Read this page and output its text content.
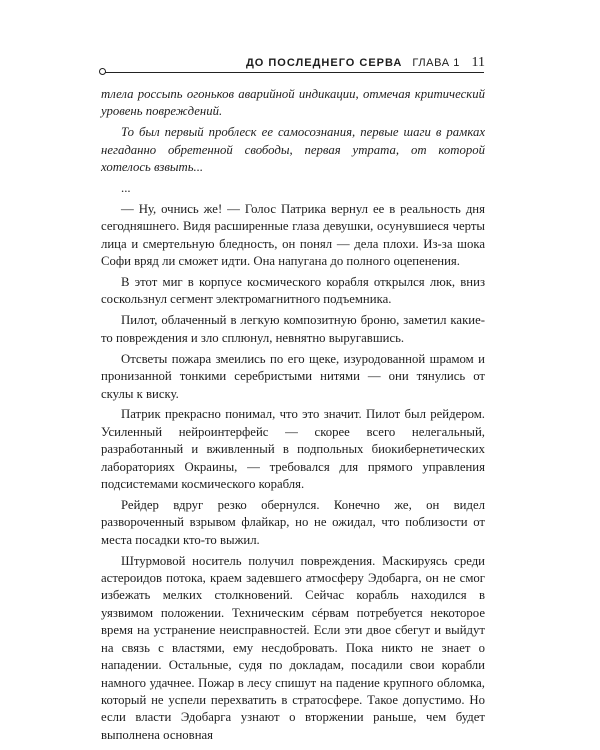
ДО ПОСЛЕДНЕГО СЕРВА ГЛАВА 1 11

тлела россыпь огоньков аварийной индикации, отмечая критический уровень повреждений.

То был первый проблеск ее самосознания, первые шаги в рамках негаданно обретенной свободы, первая утрата, от которой хотелось взвыть...

...

— Ну, очнись же! — Голос Патрика вернул ее в реальность дня сегодняшнего. Видя расширенные глаза девушки, осунувшиеся черты лица и смертельную бледность, он понял — дела плохи. Из-за шока Софи вряд ли сможет идти. Она напугана до полного оцепенения.

В этот миг в корпусе космического корабля открылся люк, вниз соскользнул сегмент электромагнитного подъемника.

Пилот, облаченный в легкую композитную броню, заметил какие-то повреждения и зло сплюнул, невнятно выругавшись.

Отсветы пожара змеились по его щеке, изуродованной шрамом и пронизанной тонкими серебристыми нитями — они тянулись от скулы к виску.

Патрик прекрасно понимал, что это значит. Пилот был рейдером. Усиленный нейроинтерфейс — скорее всего нелегальный, разработанный и вживленный в подпольных биокибернетических лабораториях Окраины, — требовался для прямого управления подсистемами космического корабля.

Рейдер вдруг резко обернулся. Конечно же, он видел развороченный взрывом флайкар, но не ожидал, что поблизости от места посадки кто-то выжил.

Штурмовой носитель получил повреждения. Маскируясь среди астероидов потока, краем задевшего атмосферу Эдобарга, он не смог избежать мелких столкновений. Сейчас корабль находился в уязвимом положении. Техническим сéрвам потребуется некоторое время на устранение неисправностей. Если эти двое сбегут и выйдут на связь с властями, ему несдобровать. Пока никто не знает о нападении. Остальные, судя по докладам, посадили свои корабли намного удачнее. Пожар в лесу спишут на падение крупного обломка, который не успели перехватить в стратосфере. Такое допустимо. Но если власти Эдобарга узнают о вторжении раньше, чем будет выполнена основная
